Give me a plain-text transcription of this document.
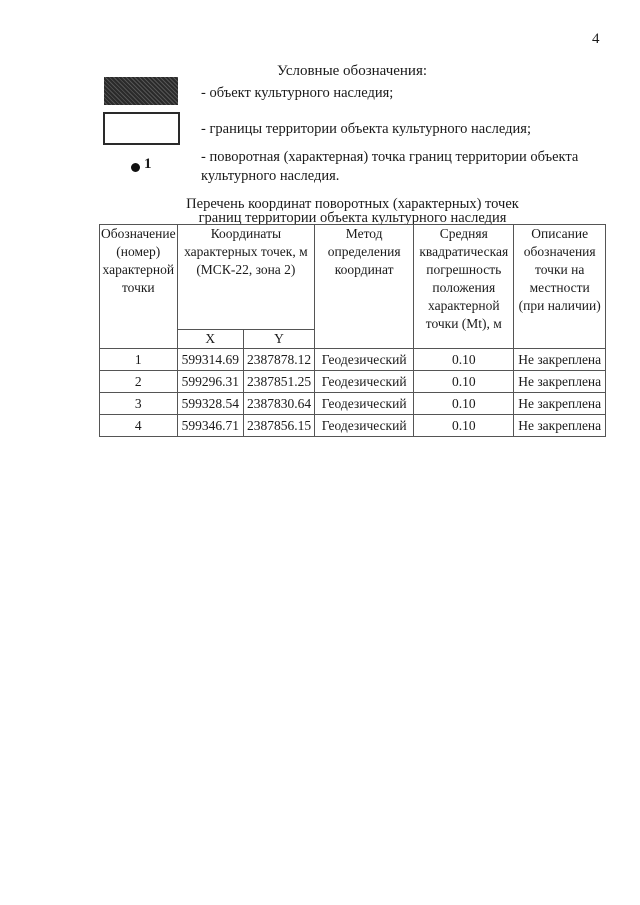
4
Условные обозначения:
- объект культурного наследия;
- границы территории объекта культурного наследия;
1	- поворотная (характерная) точка границ территории объекта культурного наследия.
Перечень координат поворотных (характерных) точек
границ территории объекта культурного наследия
Обозначение (номер) характерной точки	Координаты характерных точек, м (МСК-22, зона 2)		Метод определения координат	Средняя квадратическая погрешность положения характерной точки (Mt), м	Описание обозначения точки на местности (при наличии)
	X	Y			
1	599314.69	2387878.12	Геодезический	0.10	Не закреплена
2	599296.31	2387851.25	Геодезический	0.10	Не закреплена
3	599328.54	2387830.64	Геодезический	0.10	Не закреплена
4	599346.71	2387856.15	Геодезический	0.10	Не закреплена
